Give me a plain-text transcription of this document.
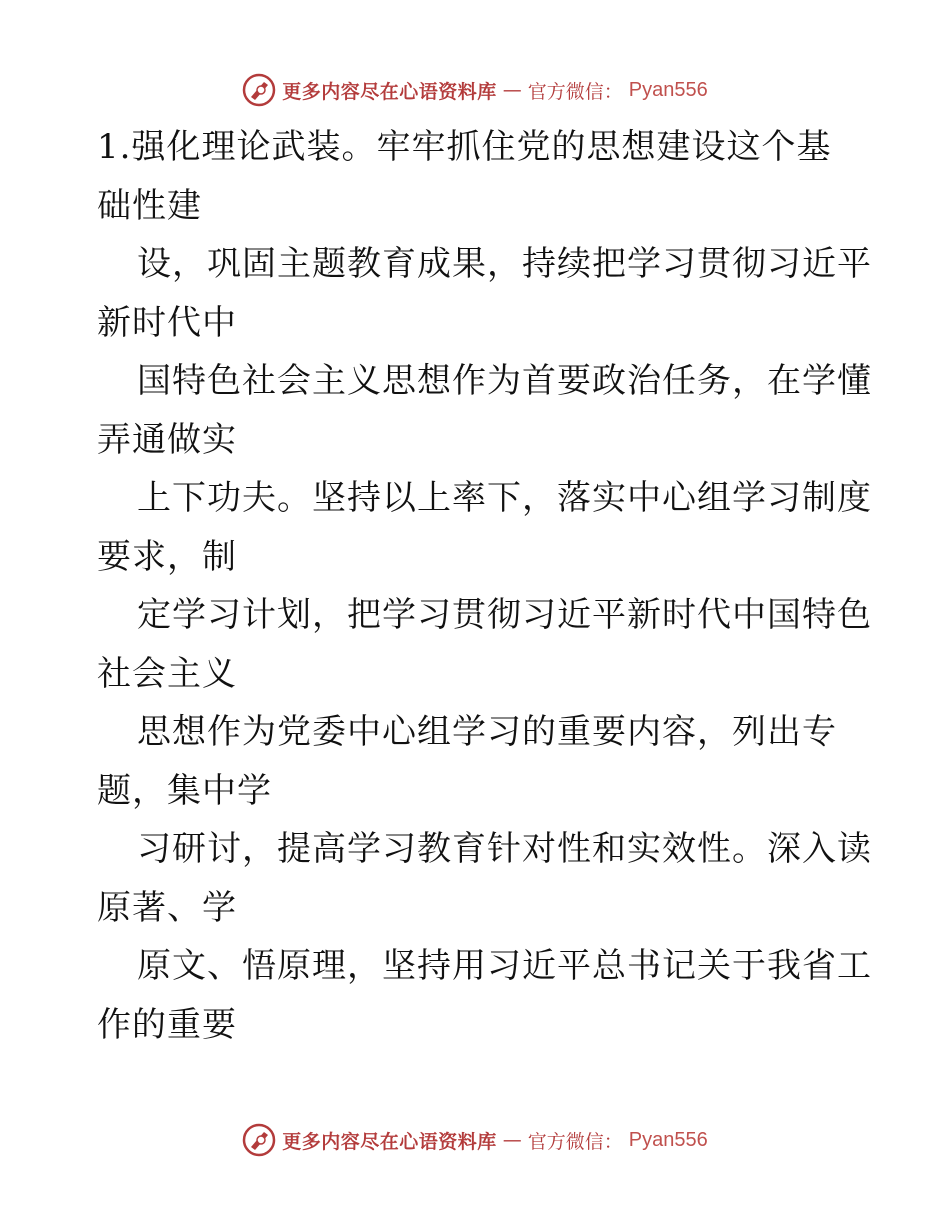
更多内容尽在心语资料库 — 官方微信： Pyan556
1.强化理论武装。牢牢抓住党的思想建设这个基
础性建
设，巩固主题教育成果，持续把学习贯彻习近平
新时代中
国特色社会主义思想作为首要政治任务，在学懂
弄通做实
上下功夫。坚持以上率下，落实中心组学习制度
要求，制
定学习计划，把学习贯彻习近平新时代中国特色
社会主义
思想作为党委中心组学习的重要内容，列出专
题，集中学
习研讨，提高学习教育针对性和实效性。深入读
原著、学
原文、悟原理，坚持用习近平总书记关于我省工
作的重要
更多内容尽在心语资料库 — 官方微信： Pyan556
